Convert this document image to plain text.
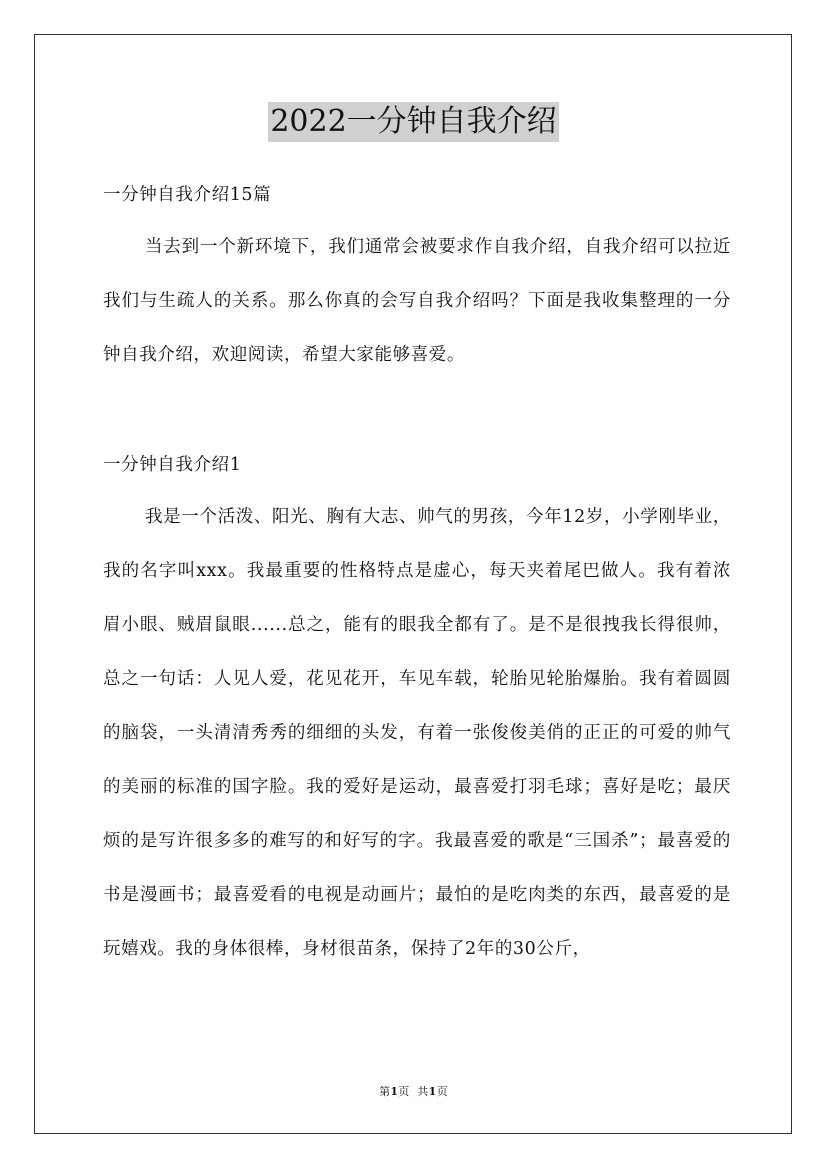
2022一分钟自我介绍
一分钟自我介绍15篇
当去到一个新环境下，我们通常会被要求作自我介绍，自我介绍可以拉近我们与生疏人的关系。那么你真的会写自我介绍吗？下面是我收集整理的一分钟自我介绍，欢迎阅读，希望大家能够喜爱。
一分钟自我介绍1
我是一个活泼、阳光、胸有大志、帅气的男孩，今年12岁，小学刚毕业，我的名字叫xxx。我最重要的性格特点是虚心，每天夹着尾巴做人。我有着浓眉小眼、贼眉鼠眼......总之，能有的眼我全都有了。是不是很拽我长得很帅，总之一句话：人见人爱，花见花开，车见车载，轮胎见轮胎爆胎。我有着圆圆的脑袋，一头清清秀秀的细细的头发，有着一张俊俊美俏的正正的可爱的帅气的美丽的标准的国字脸。我的爱好是运动，最喜爱打羽毛球；喜好是吃；最厌烦的是写许很多多的难写的和好写的字。我最喜爱的歌是“三国杀”；最喜爱的书是漫画书；最喜爱看的电视是动画片；最怕的是吃肉类的东西，最喜爱的是玩嬉戏。我的身体很棒，身材很苗条，保持了2年的30公斤，
第1页 共1页
